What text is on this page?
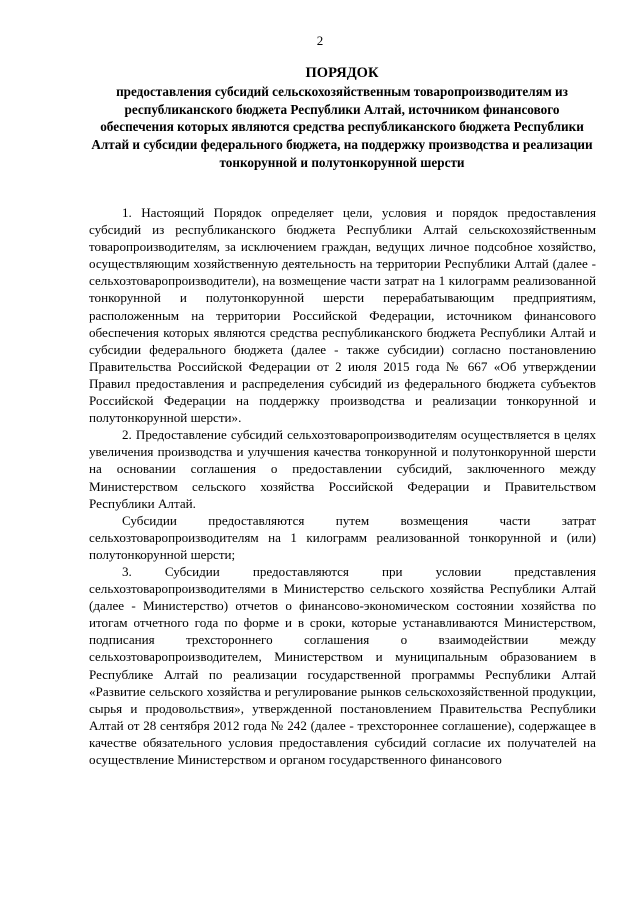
2
ПОРЯДОК
предоставления субсидий сельскохозяйственным товаропроизводителям из республиканского бюджета Республики Алтай, источником финансового обеспечения которых являются средства республиканского бюджета Республики Алтай и субсидии федерального бюджета, на поддержку производства и реализации тонкорунной и полутонкорунной шерсти

1. Настоящий Порядок определяет цели, условия и порядок предоставления субсидий из республиканского бюджета Республики Алтай сельскохозяйственным товаропроизводителям, за исключением граждан, ведущих личное подсобное хозяйство, осуществляющим хозяйственную деятельность на территории Республики Алтай (далее - сельхозтоваропроизводители), на возмещение части затрат на 1 килограмм реализованной тонкорунной и полутонкорунной шерсти перерабатывающим предприятиям, расположенным на территории Российской Федерации, источником финансового обеспечения которых являются средства республиканского бюджета Республики Алтай и субсидии федерального бюджета (далее - также субсидии) согласно постановлению Правительства Российской Федерации от 2 июля 2015 года № 667 «Об утверждении Правил предоставления и распределения субсидий из федерального бюджета субъектов Российской Федерации на поддержку производства и реализации тонкорунной и полутонкорунной шерсти».

2. Предоставление субсидий сельхозтоваропроизводителям осуществляется в целях увеличения производства и улучшения качества тонкорунной и полутонкорунной шерсти на основании соглашения о предоставлении субсидий, заключенного между Министерством сельского хозяйства Российской Федерации и Правительством Республики Алтай.

Субсидии предоставляются путем возмещения части затрат сельхозтоваропроизводителям на 1 килограмм реализованной тонкорунной и (или) полутонкорунной шерсти;

3. Субсидии предоставляются при условии представления сельхозтоваропроизводителями в Министерство сельского хозяйства Республики Алтай (далее - Министерство) отчетов о финансово-экономическом состоянии хозяйства по итогам отчетного года по форме и в сроки, которые устанавливаются Министерством, подписания трехстороннего соглашения о взаимодействии между сельхозтоваропроизводителем, Министерством и муниципальным образованием в Республике Алтай по реализации государственной программы Республики Алтай «Развитие сельского хозяйства и регулирование рынков сельскохозяйственной продукции, сырья и продовольствия», утвержденной постановлением Правительства Республики Алтай от 28 сентября 2012 года № 242 (далее - трехстороннее соглашение), содержащее в качестве обязательного условия предоставления субсидий согласие их получателей на осуществление Министерством и органом государственного финансового
